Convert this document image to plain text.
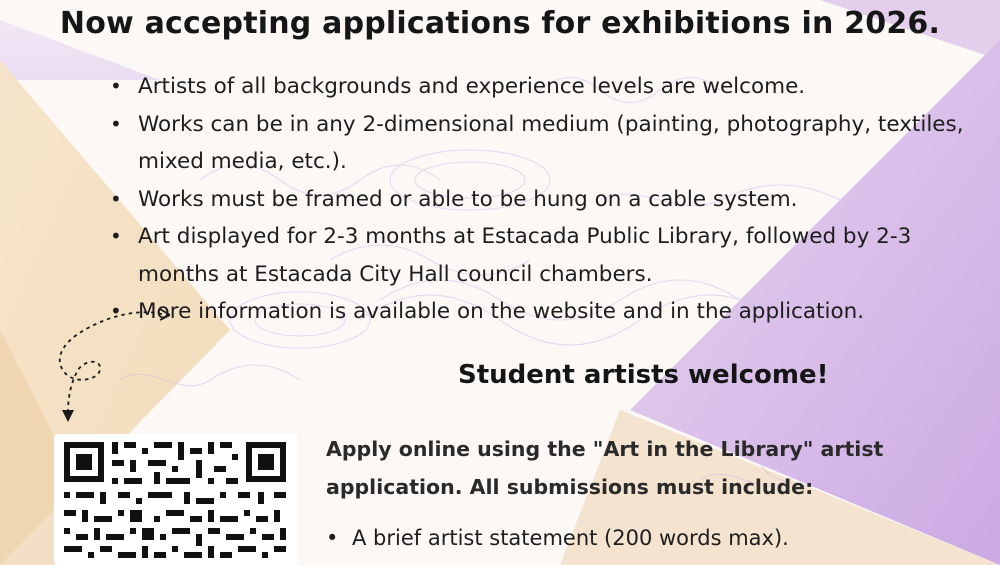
Now accepting applications for exhibitions in 2026.
• Artists of all backgrounds and experience levels are welcome.
• Works can be in any 2-dimensional medium (painting, photography, textiles, mixed media, etc.).
• Works must be framed or able to be hung on a cable system.
• Art displayed for 2-3 months at Estacada Public Library, followed by 2-3 months at Estacada City Hall council chambers.
• More information is available on the website and in the application.
Student artists welcome!
Apply online using the "Art in the Library" artist application. All submissions must include:
• A brief artist statement (200 words max).
